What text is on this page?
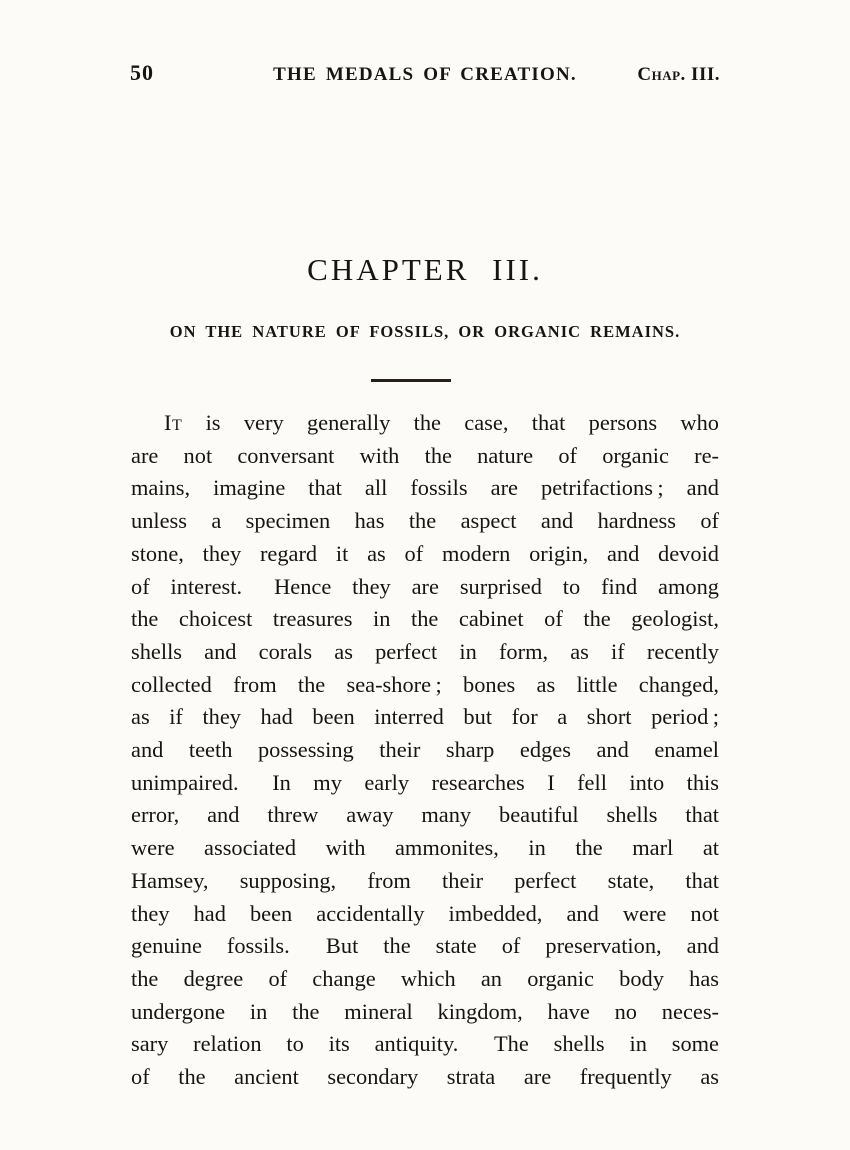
50	THE MEDALS OF CREATION.	Chap. III.
CHAPTER III.
ON THE NATURE OF FOSSILS, OR ORGANIC REMAINS.
It is very generally the case, that persons who
are not conversant with the nature of organic re-
mains, imagine that all fossils are petrifactions ; and
unless a specimen has the aspect and hardness of
stone, they regard it as of modern origin, and devoid
of interest.  Hence they are surprised to find among
the choicest treasures in the cabinet of the geologist,
shells and corals as perfect in form, as if recently
collected from the sea-shore ; bones as little changed,
as if they had been interred but for a short period ;
and teeth possessing their sharp edges and enamel
unimpaired.  In my early researches I fell into this
error, and threw away many beautiful shells that
were associated with ammonites, in the marl at
Hamsey, supposing, from their perfect state, that
they had been accidentally imbedded, and were not
genuine fossils.  But the state of preservation, and
the degree of change which an organic body has
undergone in the mineral kingdom, have no neces-
sary relation to its antiquity.  The shells in some
of the ancient secondary strata are frequently as
